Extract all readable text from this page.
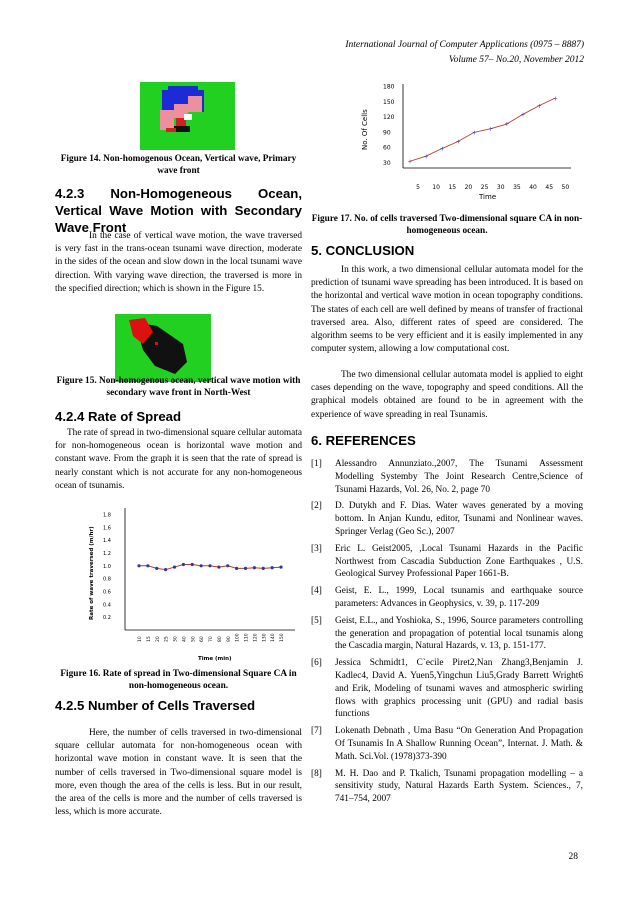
International Journal of Computer Applications (0975 – 8887)
Volume 57– No.20, November 2012
Figure 14. Non-homogenous Ocean, Vertical wave, Primary wave front
4.2.3 Non-Homogeneous Ocean, Vertical Wave Motion with Secondary Wave Front

In the case of vertical wave motion, the wave traversed is very fast in the trans-ocean tsunami wave direction, moderate in the sides of the ocean and slow down in the local tsunami wave direction. With varying wave direction, the traversed is more in the specified direction; which is shown in the Figure 15.

Figure 15. Non-homogenous ocean, vertical wave motion with secondary wave front in North-West
4.2.4 Rate of Spread

The rate of spread in two-dimensional square cellular automata for non-homogeneous ocean is horizontal wave motion and constant wave. From the graph it is seen that the rate of spread is nearly constant which is not accurate for any non-homogeneous ocean of tsunamis.

0.2
0.4
0.6
0.8
1.0
1.2
1.4
1.6
1.8
10 15 20 25 30 40 50 60 70 80 90 100 110 120 130 140 150
Rate of wave traversed (m/hr)
Time (min)
Figure 16. Rate of spread in Two-dimensional Square CA in non-homogeneous ocean.
4.2.5 Number of Cells Traversed

Here, the number of cells traversed in two-dimensional square cellular automata for non-homogeneous ocean with horizontal wave motion in constant wave. It is seen that the number of cells traversed in Two-dimensional square model is more, even though the area of the cells is less. But in our result, the area of the cells is more and the number of cells traversed is less, which is more accurate.

30
60
90
120
150
180
5 10 15 20 25 30 35 40 45 50
+
+
+
+
+
+
+
+
+
+
No. Of Cells
Time
Figure 17. No. of cells traversed Two-dimensional square CA in non-homogeneous ocean.
5. CONCLUSION

In this work, a two dimensional cellular automata model for the prediction of tsunami wave spreading has been introduced. It is based on the horizontal and vertical wave motion in ocean topography conditions. The states of each cell are well defined by means of transfer of fractional traversed area. Also, different rates of speed are considered. The algorithm seems to be very efficient and it is easily implemented in any computer system, allowing a low computational cost.

The two dimensional cellular automata model is applied to eight cases depending on the wave, topography and speed conditions. All the graphical models obtained are found to be in agreement with the experience of wave spreading in real Tsunamis.

6. REFERENCES
[1]	Alessandro Annunziato.,2007, The Tsunami Assessment Modelling Systemby The Joint Research Centre,Science of Tsunami Hazards, Vol. 26, No. 2, page 70
[2]	D. Dutykh and F. Dias. Water waves generated by a moving bottom. In Anjan Kundu, editor, Tsunami and Nonlinear waves. Springer Verlag (Geo Sc.), 2007
[3]	Eric L. Geist2005, ,Local Tsunami Hazards in the Pacific Northwest from Cascadia Subduction Zone Earthquakes , U.S. Geological Survey Professional Paper 1661-B.
[4]	Geist, E. L., 1999, Local tsunamis and earthquake source parameters: Advances in Geophysics, v. 39, p. 117-209
[5]	Geist, E.L., and Yoshioka, S., 1996, Source parameters controlling the generation and propagation of potential local tsunamis along the Cascadia margin, Natural Hazards, v. 13, p. 151-177.
[6]	Jessica Schmidt1, C`ecile Piret2,Nan Zhang3,Benjamin J. Kadlec4, David A. Yuen5,Yingchun Liu5,Grady Barrett Wright6 and Erik, Modeling of tsunami waves and atmospheric swirling flows with graphics processing unit (GPU) and radial basis functions
[7]	Lokenath Debnath , Uma Basu “On Generation And Propagation Of Tsunamis In A Shallow Running Ocean”, Internat. J. Math. & Math. Sci.Vol. (1978)373-390
[8]	M. H. Dao and P. Tkalich, Tsunami propagation modelling – a sensitivity study, Natural Hazards Earth System. Sciences., 7, 741–754, 2007
28
